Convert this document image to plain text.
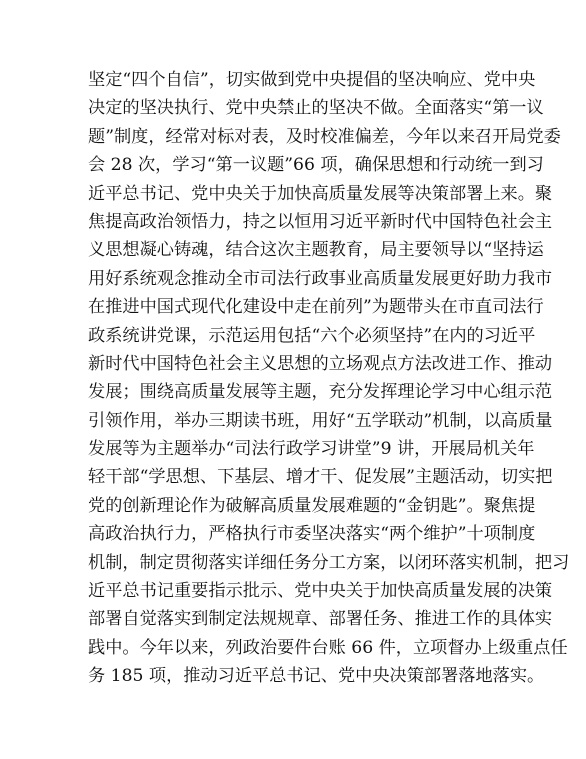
坚定“四个自信”，切实做到党中央提倡的坚决响应、党中央
决定的坚决执行、党中央禁止的坚决不做。全面落实“第一议
题”制度，经常对标对表，及时校准偏差，今年以来召开局党委
会 28 次，学习“第一议题”66 项，确保思想和行动统一到习
近平总书记、党中央关于加快高质量发展等决策部署上来。聚
焦提高政治领悟力，持之以恒用习近平新时代中国特色社会主
义思想凝心铸魂，结合这次主题教育，局主要领导以“坚持运
用好系统观念推动全市司法行政事业高质量发展更好助力我市
在推进中国式现代化建设中走在前列”为题带头在市直司法行
政系统讲党课，示范运用包括“六个必须坚持”在内的习近平
新时代中国特色社会主义思想的立场观点方法改进工作、推动
发展；围绕高质量发展等主题，充分发挥理论学习中心组示范
引领作用，举办三期读书班，用好“五学联动”机制，以高质量
发展等为主题举办“司法行政学习讲堂”9 讲，开展局机关年
轻干部“学思想、下基层、增才干、促发展”主题活动，切实把
党的创新理论作为破解高质量发展难题的“金钥匙”。聚焦提
高政治执行力，严格执行市委坚决落实“两个维护”十项制度
机制，制定贯彻落实详细任务分工方案，以闭环落实机制，把习
近平总书记重要指示批示、党中央关于加快高质量发展的决策
部署自觉落实到制定法规规章、部署任务、推进工作的具体实
践中。今年以来，列政治要件台账 66 件，立项督办上级重点任
务 185 项，推动习近平总书记、党中央决策部署落地落实。
